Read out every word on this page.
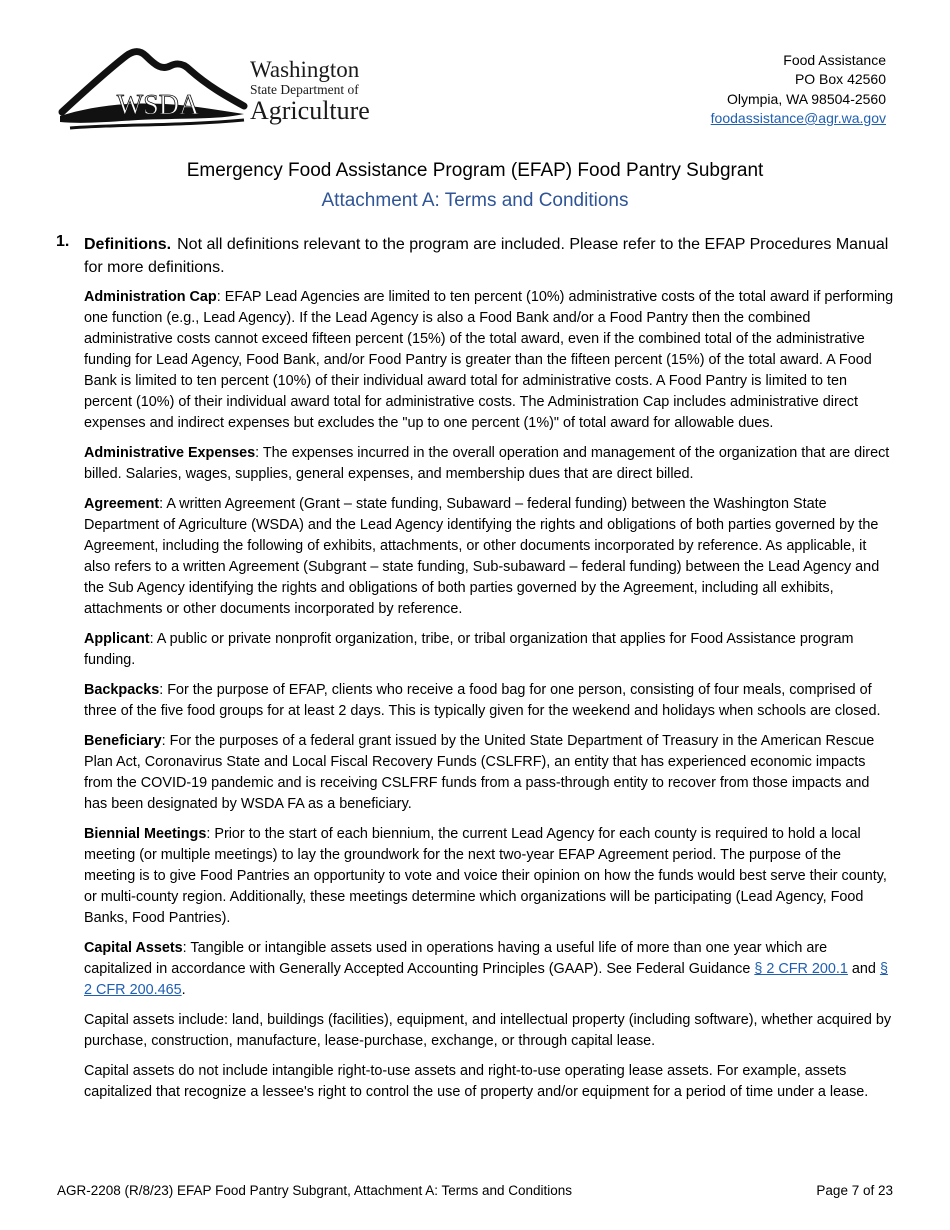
WSDA
Washington
State Department of
Agriculture
Food Assistance
PO Box 42560
Olympia, WA 98504-2560
foodassistance@agr.wa.gov
Emergency Food Assistance Program (EFAP) Food Pantry Subgrant
Attachment A: Terms and Conditions
1. Definitions. Not all definitions relevant to the program are included. Please refer to the EFAP Procedures Manual for more definitions.

Administration Cap: EFAP Lead Agencies are limited to ten percent (10%) administrative costs of the total award if performing one function (e.g., Lead Agency). If the Lead Agency is also a Food Bank and/or a Food Pantry then the combined administrative costs cannot exceed fifteen percent (15%) of the total award, even if the combined total of the administrative funding for Lead Agency, Food Bank, and/or Food Pantry is greater than the fifteen percent (15%) of the total award. A Food Bank is limited to ten percent (10%) of their individual award total for administrative costs. A Food Pantry is limited to ten percent (10%) of their individual award total for administrative costs. The Administration Cap includes administrative direct expenses and indirect expenses but excludes the "up to one percent (1%)" of total award for allowable dues.

Administrative Expenses: The expenses incurred in the overall operation and management of the organization that are direct billed. Salaries, wages, supplies, general expenses, and membership dues that are direct billed.

Agreement: A written Agreement (Grant – state funding, Subaward – federal funding) between the Washington State Department of Agriculture (WSDA) and the Lead Agency identifying the rights and obligations of both parties governed by the Agreement, including the following of exhibits, attachments, or other documents incorporated by reference. As applicable, it also refers to a written Agreement (Subgrant – state funding, Sub-subaward – federal funding) between the Lead Agency and the Sub Agency identifying the rights and obligations of both parties governed by the Agreement, including all exhibits, attachments or other documents incorporated by reference.

Applicant: A public or private nonprofit organization, tribe, or tribal organization that applies for Food Assistance program funding.

Backpacks: For the purpose of EFAP, clients who receive a food bag for one person, consisting of four meals, comprised of three of the five food groups for at least 2 days. This is typically given for the weekend and holidays when schools are closed.

Beneficiary: For the purposes of a federal grant issued by the United State Department of Treasury in the American Rescue Plan Act, Coronavirus State and Local Fiscal Recovery Funds (CSLFRF), an entity that has experienced economic impacts from the COVID-19 pandemic and is receiving CSLFRF funds from a pass-through entity to recover from those impacts and has been designated by WSDA FA as a beneficiary.

Biennial Meetings: Prior to the start of each biennium, the current Lead Agency for each county is required to hold a local meeting (or multiple meetings) to lay the groundwork for the next two-year EFAP Agreement period. The purpose of the meeting is to give Food Pantries an opportunity to vote and voice their opinion on how the funds would best serve their county, or multi-county region. Additionally, these meetings determine which organizations will be participating (Lead Agency, Food Banks, Food Pantries).

Capital Assets: Tangible or intangible assets used in operations having a useful life of more than one year which are capitalized in accordance with Generally Accepted Accounting Principles (GAAP). See Federal Guidance § 2 CFR 200.1 and § 2 CFR 200.465.

Capital assets include: land, buildings (facilities), equipment, and intellectual property (including software), whether acquired by purchase, construction, manufacture, lease-purchase, exchange, or through capital lease.

Capital assets do not include intangible right-to-use assets and right-to-use operating lease assets. For example, assets capitalized that recognize a lessee's right to control the use of property and/or equipment for a period of time under a lease.

AGR-2208 (R/8/23) EFAP Food Pantry Subgrant, Attachment A: Terms and Conditions	Page 7 of 23
